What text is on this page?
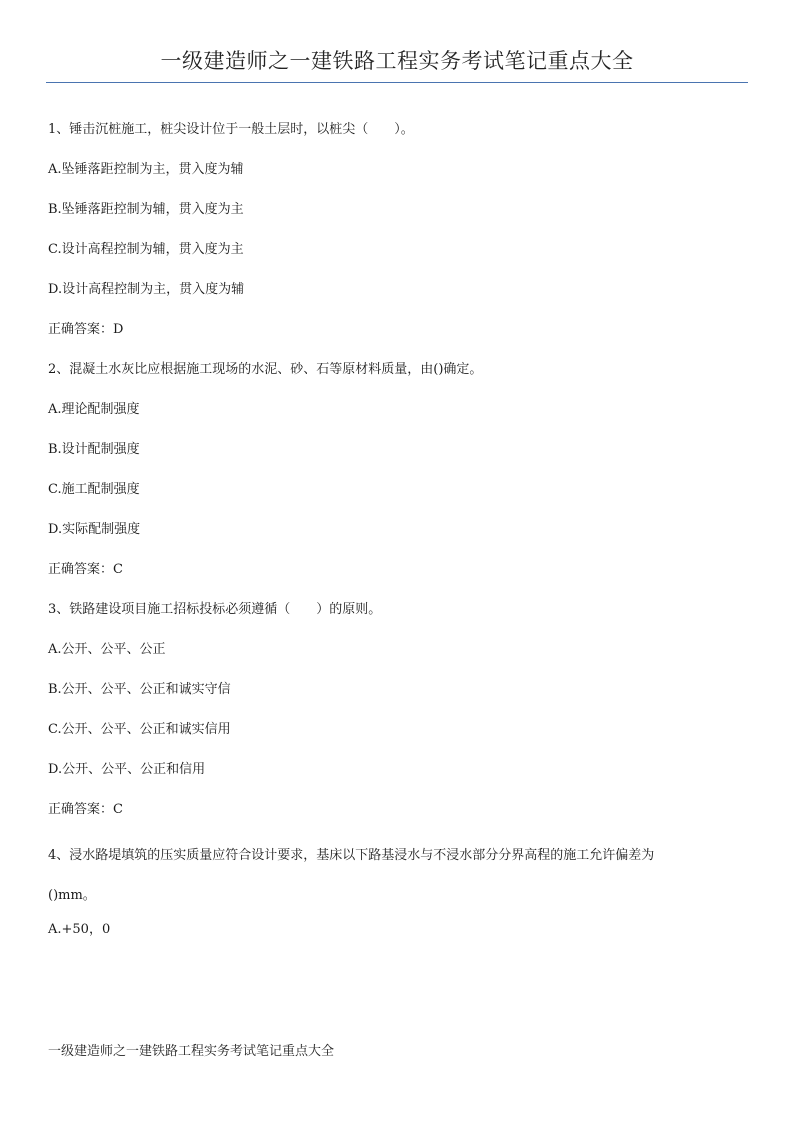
一级建造师之一建铁路工程实务考试笔记重点大全

1、锤击沉桩施工，桩尖设计位于一般土层时，以桩尖（　　）。

A.坠锤落距控制为主，贯入度为辅

B.坠锤落距控制为辅，贯入度为主

C.设计高程控制为辅，贯入度为主

D.设计高程控制为主，贯入度为辅

正确答案：D

2、混凝土水灰比应根据施工现场的水泥、砂、石等原材料质量，由()确定。

A.理论配制强度

B.设计配制强度

C.施工配制强度

D.实际配制强度

正确答案：C

3、铁路建设项目施工招标投标必须遵循（　　）的原则。

A.公开、公平、公正

B.公开、公平、公正和诚实守信

C.公开、公平、公正和诚实信用

D.公开、公平、公正和信用

正确答案：C

4、浸水路堤填筑的压实质量应符合设计要求，基床以下路基浸水与不浸水部分分界高程的施工允许偏差为

()mm。

A.+50，0

一级建造师之一建铁路工程实务考试笔记重点大全
